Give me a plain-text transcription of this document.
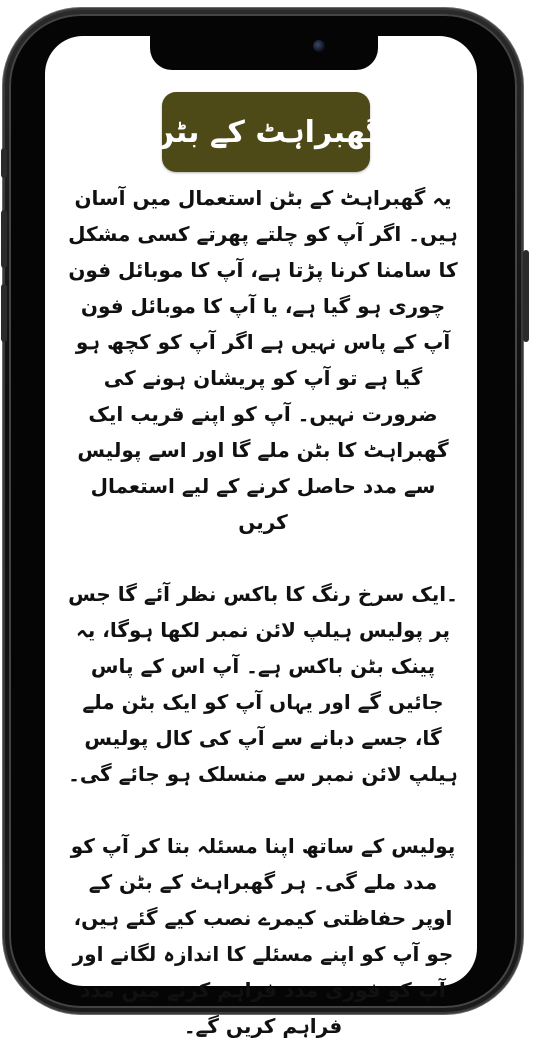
گھبراہٹ کے بٹن

یہ گھبراہٹ کے بٹن استعمال میں آسان ہیں۔ اگر آپ کو چلتے پھرتے کسی مشکل کا سامنا کرنا پڑتا ہے، آپ کا موبائل فون چوری ہو گیا ہے، یا آپ کا موبائل فون آپ کے پاس نہیں ہے اگر آپ کو کچھ ہو گیا ہے تو آپ کو پریشان ہونے کی ضرورت نہیں۔ آپ کو اپنے قریب ایک گھبراہٹ کا بٹن ملے گا اور اسے پولیس سے مدد حاصل کرنے کے لیے استعمال کریں

۔ایک سرخ رنگ کا باکس نظر آئے گا جس پر پولیس ہیلپ لائن نمبر لکھا ہوگا، یہ پینک بٹن باکس ہے۔ آپ اس کے پاس جائیں گے اور یہاں آپ کو ایک بٹن ملے گا، جسے دبانے سے آپ کی کال پولیس ہیلپ لائن نمبر سے منسلک ہو جائے گی۔

پولیس کے ساتھ اپنا مسئلہ بتا کر آپ کو مدد ملے گی۔ ہر گھبراہٹ کے بٹن کے اوپر حفاظتی کیمرے نصب کیے گئے ہیں، جو آپ کو اپنے مسئلے کا اندازہ لگانے اور آپ کو فوری مدد فراہم کرنے میں مدد فراہم کریں گے۔
